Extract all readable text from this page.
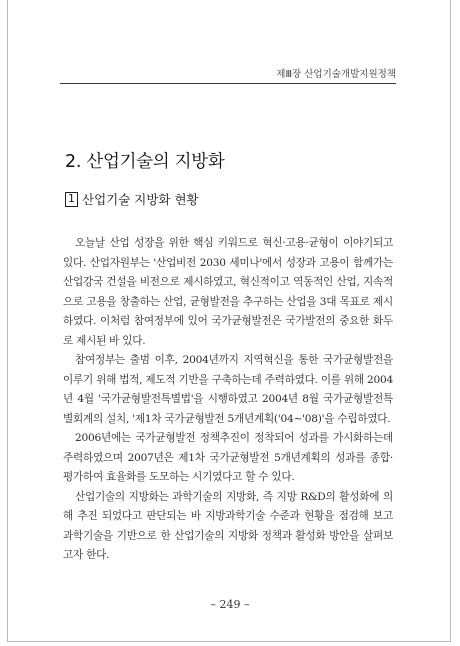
제Ⅲ장 산업기술개발지원정책
2. 산업기술의 지방화
1 산업기술 지방화 현황

오늘날 산업 성장을 위한 핵심 키워드로 혁신·고용·균형이 이야기되고 있다. 산업자원부는 '산업비전 2030 세미나'에서 성장과 고용이 함께가는 산업강국 건설을 비전으로 제시하였고, 혁신적이고 역동적인 산업, 지속적으로 고용을 창출하는 산업, 균형발전을 추구하는 산업을 3대 목표로 제시하였다. 이처럼 참여정부에 있어 국가균형발전은 국가발전의 중요한 화두로 제시된 바 있다.

참여정부는 출범 이후, 2004년까지 지역혁신을 통한 국가균형발전을 이루기 위해 법적, 제도적 기반을 구축하는데 주력하였다. 이를 위해 2004년 4월 '국가균형발전특별법'을 시행하였고 2004년 8월 국가균형발전특별회계의 설치, '제1차 국가균형발전 5개년계획('04~'08)'을 수립하였다.

2006년에는 국가균형발전 정책추진이 정착되어 성과를 가시화하는데 주력하였으며 2007년은 제1차 국가균형발전 5개년계획의 성과를 종합·평가하여 효율화를 도모하는 시기였다고 할 수 있다.

산업기술의 지방화는 과학기술의 지방화, 즉 지방 R&D의 활성화에 의해 추진 되었다고 판단되는 바 지방과학기술 수준과 현황을 점검해 보고 과학기술을 기반으로 한 산업기술의 지방화 정책과 활성화 방안을 살펴보고자 한다.

– 249 –
